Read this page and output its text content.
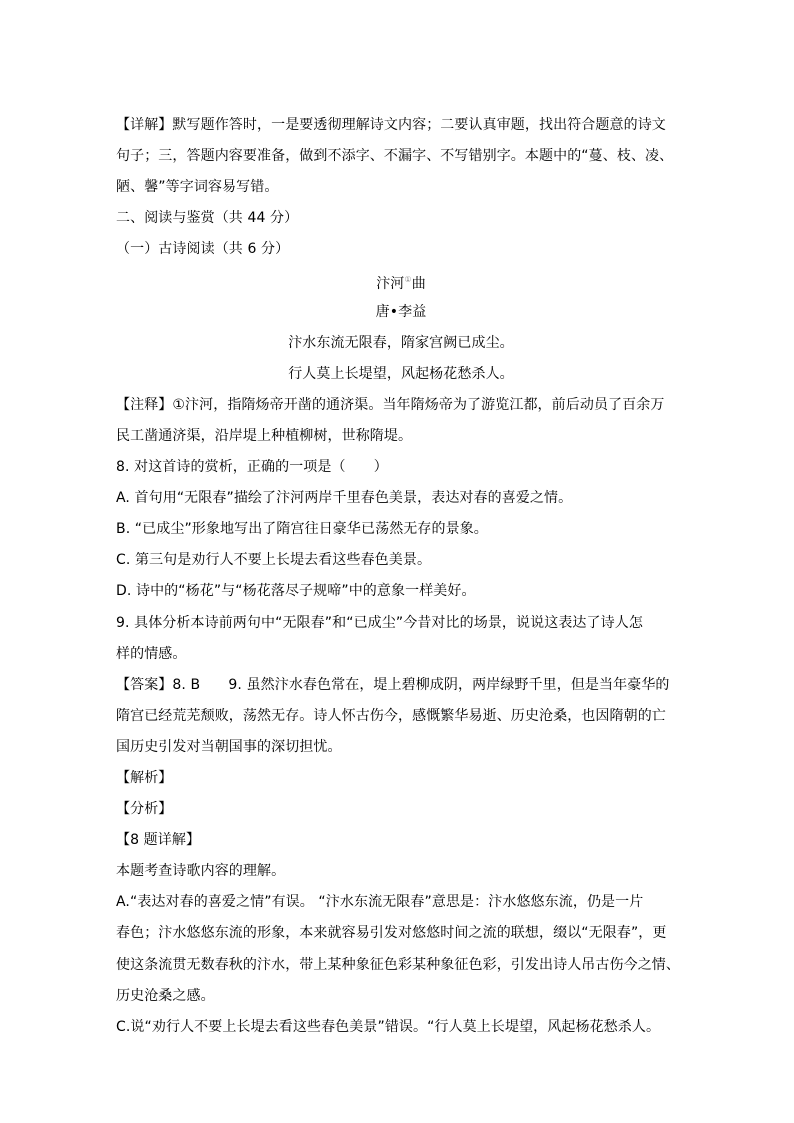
【详解】默写题作答时，一是要透彻理解诗文内容；二要认真审题，找出符合题意的诗文
句子；三，答题内容要准备，做到不添字、不漏字、不写错别字。本题中的“蔓、枝、凌、
陋、馨”等字词容易写错。
二、阅读与鉴赏（共 44 分）
（一）古诗阅读（共 6 分）
汴河①曲
唐•李益
汴水东流无限春，隋家宫阙已成尘。
行人莫上长堤望，风起杨花愁杀人。
【注释】①汴河，指隋炀帝开凿的通济渠。当年隋炀帝为了游览江都，前后动员了百余万
民工凿通济渠，沿岸堤上种植柳树，世称隋堤。
8. 对这首诗的赏析，正确的一项是（　　）
A. 首句用“无限春”描绘了汴河两岸千里春色美景，表达对春的喜爱之情。
B. “已成尘”形象地写出了隋宫往日豪华已荡然无存的景象。
C. 第三句是劝行人不要上长堤去看这些春色美景。
D. 诗中的“杨花”与“杨花落尽子规啼”中的意象一样美好。
9. 具体分析本诗前两句中“无限春”和“已成尘”今昔对比的场景，说说这表达了诗人怎
样的情感。
【答案】8. B　　9. 虽然汴水春色常在，堤上碧柳成阴，两岸绿野千里，但是当年豪华的
隋宫已经荒芜颓败，荡然无存。诗人怀古伤今，感慨繁华易逝、历史沧桑，也因隋朝的亡
国历史引发对当朝国事的深切担忧。
【解析】
【分析】
【8 题详解】
本题考查诗歌内容的理解。
A.“表达对春的喜爱之情”有误。 “汴水东流无限春”意思是：汴水悠悠东流，仍是一片
春色；汴水悠悠东流的形象，本来就容易引发对悠悠时间之流的联想，缀以“无限春”，更
使这条流贯无数春秋的汴水，带上某种象征色彩某种象征色彩，引发出诗人吊古伤今之情、
历史沧桑之感。
C.说“劝行人不要上长堤去看这些春色美景”错误。“行人莫上长堤望，风起杨花愁杀人。
